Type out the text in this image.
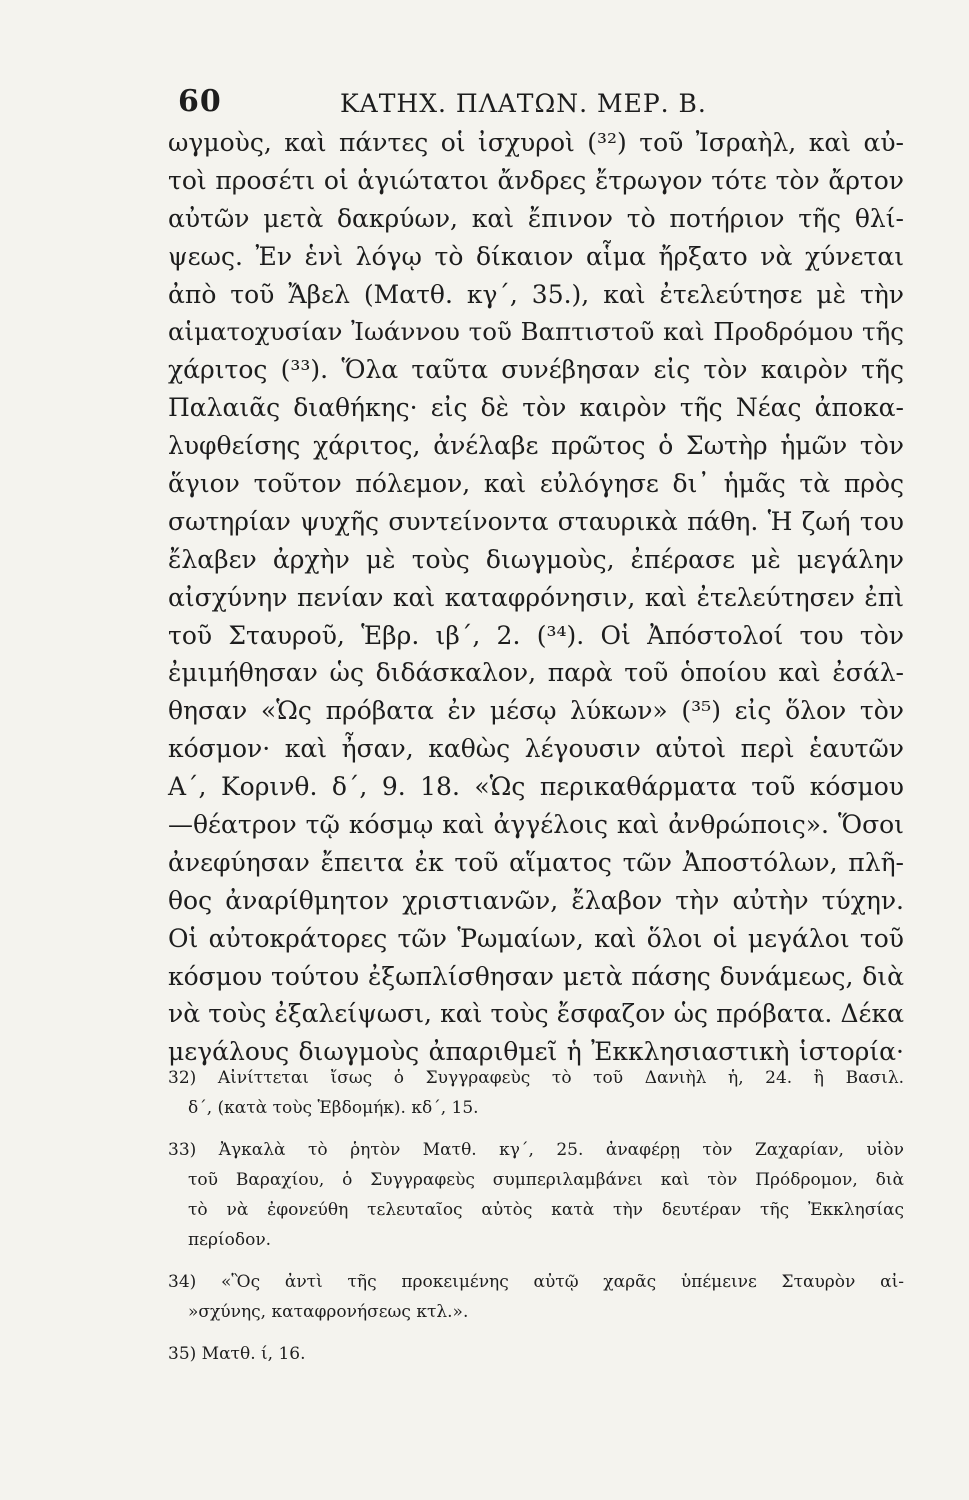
60	ΚΑΤΗΧ. ΠΛΑΤΩΝ. ΜΕΡ. Β.
ωγμοὺς, καὶ πάντες οἱ ἰσχυροὶ (³²) τοῦ Ἰσραὴλ, καὶ αὐ-
τοὶ προσέτι οἱ ἁγιώτατοι ἄνδρες ἔτρωγον τότε τὸν ἄρτον
αὐτῶν μετὰ δακρύων, καὶ ἔπινον τὸ ποτήριον τῆς θλί-
ψεως. Ἐν ἑνὶ λόγῳ τὸ δίκαιον αἷμα ἤρξατο νὰ χύνεται
ἀπὸ τοῦ Ἄβελ (Ματθ. κγ΄, 35.), καὶ ἐτελεύτησε μὲ τὴν
αἱματοχυσίαν Ἰωάννου τοῦ Βαπτιστοῦ καὶ Προδρόμου τῆς
χάριτος (³³). Ὅλα ταῦτα συνέβησαν εἰς τὸν καιρὸν τῆς
Παλαιᾶς διαθήκης· εἰς δὲ τὸν καιρὸν τῆς Νέας ἀποκα-
λυφθείσης χάριτος, ἀνέλαβε πρῶτος ὁ Σωτὴρ ἡμῶν τὸν
ἅγιον τοῦτον πόλεμον, καὶ εὐλόγησε δι᾽ ἡμᾶς τὰ πρὸς
σωτηρίαν ψυχῆς συντείνοντα σταυρικὰ πάθη. Ἡ ζωή του
ἔλαβεν ἀρχὴν μὲ τοὺς διωγμοὺς, ἐπέρασε μὲ μεγάλην
αἰσχύνην πενίαν καὶ καταφρόνησιν, καὶ ἐτελεύτησεν ἐπὶ
τοῦ Σταυροῦ, Ἑβρ. ιβ΄, 2. (³⁴). Οἱ Ἀπόστολοί του τὸν
ἐμιμήθησαν ὡς διδάσκαλον, παρὰ τοῦ ὁποίου καὶ ἐσάλ-
θησαν «Ὡς πρόβατα ἐν μέσῳ λύκων» (³⁵) εἰς ὅλον τὸν
κόσμον· καὶ ἦσαν, καθὼς λέγουσιν αὐτοὶ περὶ ἑαυτῶν
Α΄, Κορινθ. δ΄, 9. 18. «Ὡς περικαθάρματα τοῦ κόσμου
—θέατρον τῷ κόσμῳ καὶ ἀγγέλοις καὶ ἀνθρώποις». Ὅσοι
ἀνεφύησαν ἔπειτα ἐκ τοῦ αἵματος τῶν Ἀποστόλων, πλῆ-
θος ἀναρίθμητον χριστιανῶν, ἔλαβον τὴν αὐτὴν τύχην.
Οἱ αὐτοκράτορες τῶν Ῥωμαίων, καὶ ὅλοι οἱ μεγάλοι τοῦ
κόσμου τούτου ἐξωπλίσθησαν μετὰ πάσης δυνάμεως, διὰ
νὰ τοὺς ἐξαλείψωσι, καὶ τοὺς ἔσφαζον ὡς πρόβατα. Δέκα
μεγάλους διωγμοὺς ἀπαριθμεῖ ἡ Ἐκκλησιαστικὴ ἱστορία·
32) Αἰνίττεται ἴσως ὁ Συγγραφεὺς τὸ τοῦ Δανιὴλ ἡ, 24. ἢ Βασιλ.
δ΄, (κατὰ τοὺς Ἑβδομήκ). κδ΄, 15.
33) Ἀγκαλὰ τὸ ῥητὸν Ματθ. κγ΄, 25. ἀναφέρῃ τὸν Ζαχαρίαν, υἱὸν
τοῦ Βαραχίου, ὁ Συγγραφεὺς συμπεριλαμβάνει καὶ τὸν Πρόδρομον, διὰ
τὸ νὰ ἐφονεύθη τελευταῖος αὐτὸς κατὰ τὴν δευτέραν τῆς Ἐκκλησίας
περίοδον.
34) «Ὃς ἀντὶ τῆς προκειμένης αὐτῷ χαρᾶς ὑπέμεινε Σταυρὸν αἰ-
»σχύνης, καταφρονήσεως κτλ.».
35) Ματθ. ί, 16.
